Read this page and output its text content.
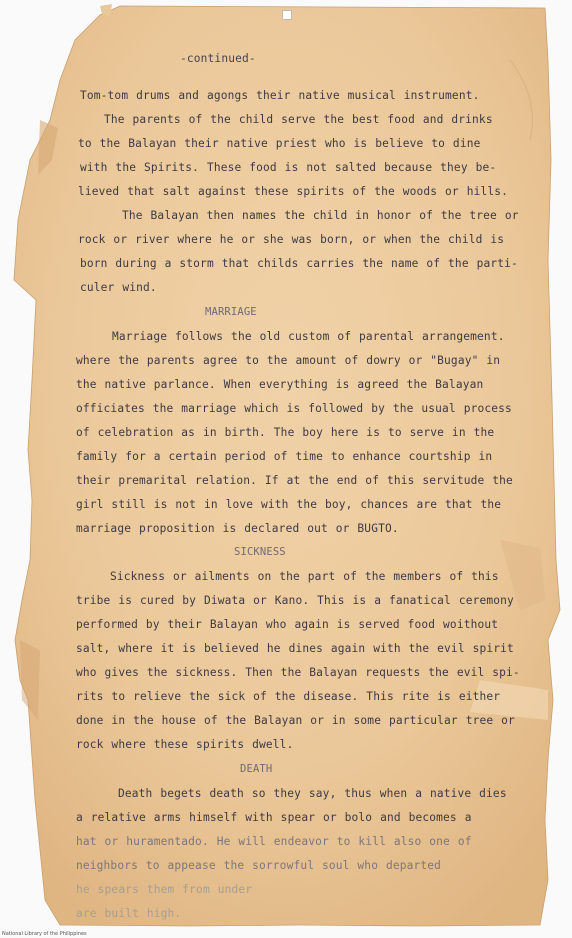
-continued-
Tom-tom drums and agongs their native musical instrument.
The parents of the child serve the best food and drinks
to the Balayan their native priest who is believe to dine
with the Spirits. These food is not salted because they be-
lieved that salt against these spirits of the woods or hills.
The Balayan then names the child in honor of the tree or
rock or river where he or she was born, or when the child is
born during a storm that childs carries the name of the parti-
culer wind.
MARRIAGE
Marriage follows the old custom of parental arrangement.
where the parents agree to the amount of dowry or "Bugay" in
the native parlance. When everything is agreed the Balayan
officiates the marriage which is followed by the usual process
of celebration as in birth. The boy here is to serve in the
family for a certain period of time to enhance courtship in
their premarital relation. If at the end of this servitude the
girl still is not in love with the boy, chances are that the
marriage proposition is declared out or BUGTO.
SICKNESS
Sickness or ailments on the part of the members of this
tribe is cured by Diwata or Kano. This is a fanatical ceremony
performed by their Balayan who again is served food woithout
salt, where it is believed he dines again with the evil spirit
who gives the sickness. Then the Balayan requests the evil spi-
rits to relieve the sick of the disease. This rite is either
done in the house of the Balayan or in some particular tree or
rock where these spirits dwell.
DEATH
Death begets death so they say, thus when a native dies
a relative arms himself with spear or bolo and becomes a
hat or huramentado. He will endeavor to kill also one of
neighbors to appease the sorrowful soul who departed
he spears them from under
are built high.
National Library of the Philippines
